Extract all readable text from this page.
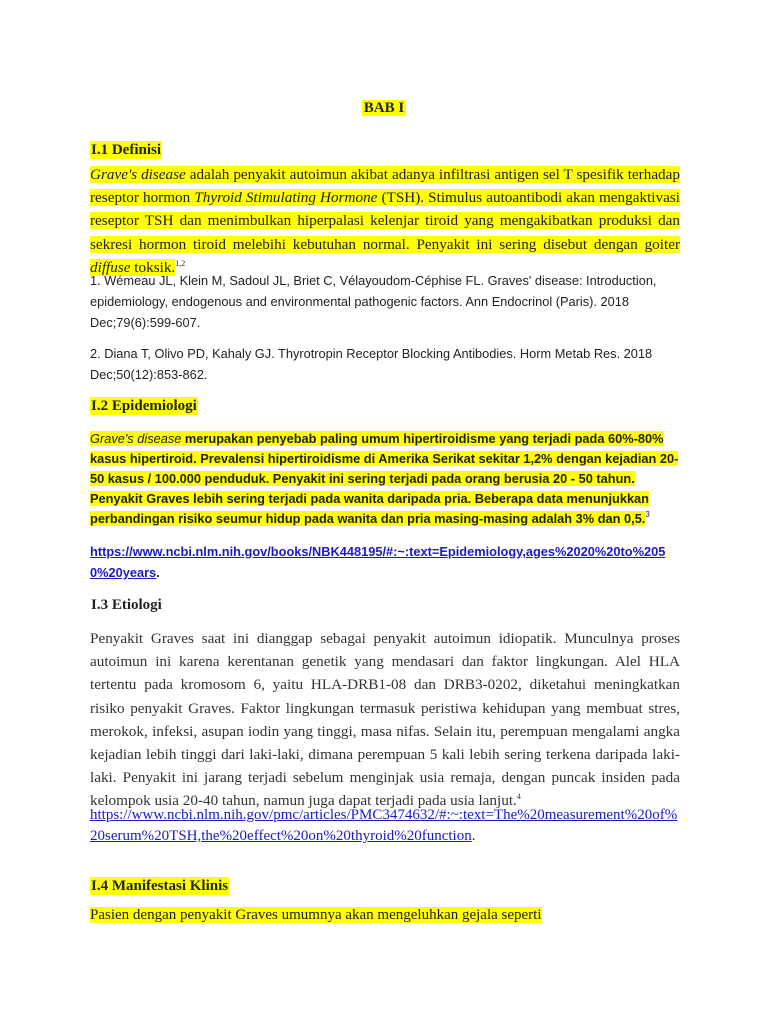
BAB I
I.1 Definisi
Grave's disease adalah penyakit autoimun akibat adanya infiltrasi antigen sel T spesifik terhadap reseptor hormon Thyroid Stimulating Hormone (TSH). Stimulus autoantibodi akan mengaktivasi reseptor TSH dan menimbulkan hiperpalasi kelenjar tiroid yang mengakibatkan produksi dan sekresi hormon tiroid melebihi kebutuhan normal. Penyakit ini sering disebut dengan goiter diffuse toksik.$^{1,2}$
1. Wémeau JL, Klein M, Sadoul JL, Briet C, Vélayoudom-Céphise FL. Graves' disease: Introduction, epidemiology, endogenous and environmental pathogenic factors. Ann Endocrinol (Paris). 2018 Dec;79(6):599-607.
2. Diana T, Olivo PD, Kahaly GJ. Thyrotropin Receptor Blocking Antibodies. Horm Metab Res. 2018 Dec;50(12):853-862.
I.2 Epidemiologi
Grave's disease merupakan penyebab paling umum hipertiroidisme yang terjadi pada 60%-80% kasus hipertiroid. Prevalensi hipertiroidisme di Amerika Serikat sekitar 1,2% dengan kejadian 20-50 kasus / 100.000 penduduk. Penyakit ini sering terjadi pada orang berusia 20 - 50 tahun. Penyakit Graves lebih sering terjadi pada wanita daripada pria. Beberapa data menunjukkan perbandingan risiko seumur hidup pada wanita dan pria masing-masing adalah 3% dan 0,5.$^3$
https://www.ncbi.nlm.nih.gov/books/NBK448195/#:~:text=Epidemiology,ages%2020%20to%2050%20years.
I.3 Etiologi
Penyakit Graves saat ini dianggap sebagai penyakit autoimun idiopatik. Munculnya proses autoimun ini karena kerentanan genetik yang mendasari dan faktor lingkungan. Alel HLA tertentu pada kromosom 6, yaitu HLA-DRB1-08 dan DRB3-0202, diketahui meningkatkan risiko penyakit Graves. Faktor lingkungan termasuk peristiwa kehidupan yang membuat stres, merokok, infeksi, asupan iodin yang tinggi, masa nifas. Selain itu, perempuan mengalami angka kejadian lebih tinggi dari laki-laki, dimana perempuan 5 kali lebih sering terkena daripada laki-laki. Penyakit ini jarang terjadi sebelum menginjak usia remaja, dengan puncak insiden pada kelompok usia 20-40 tahun, namun juga dapat terjadi pada usia lanjut.$^4$
https://www.ncbi.nlm.nih.gov/pmc/articles/PMC3474632/#:~:text=The%20measurement%20of%20serum%20TSH,the%20effect%20on%20thyroid%20function.
I.4 Manifestasi Klinis
Pasien dengan penyakit Graves umumnya akan mengeluhkan gejala seperti
